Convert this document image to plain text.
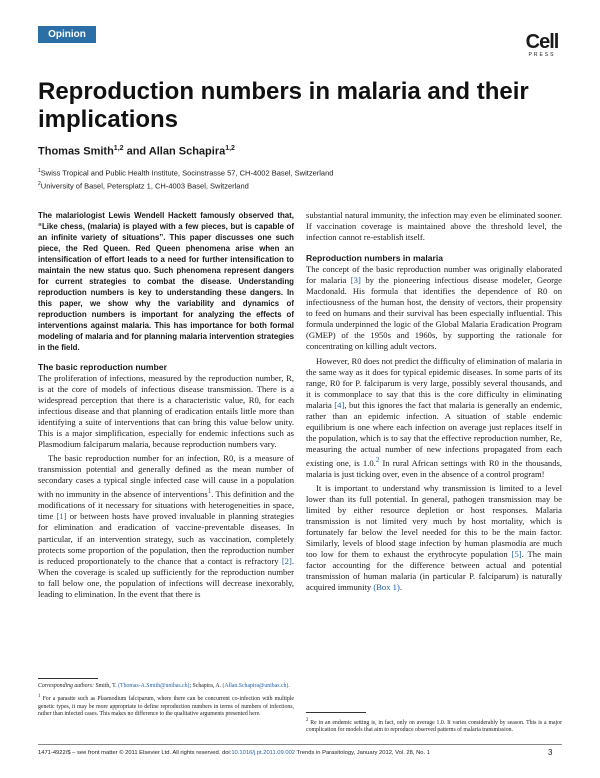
Opinion	Cell
PRESS
Reproduction numbers in malaria and their implications
Thomas Smith$^{1,2}$ and Allan Schapira$^{1,2}$
$^1$Swiss Tropical and Public Health Institute, Socinstrasse 57, CH-4002 Basel, Switzerland
$^2$University of Basel, Petersplatz 1, CH-4003 Basel, Switzerland

The malariologist Lewis Wendell Hackett famously observed that, “Like chess, (malaria) is played with a few pieces, but is capable of an infinite variety of situations”. This paper discusses one such piece, the Red Queen. Red Queen phenomena arise when an intensification of effort leads to a need for further intensification to maintain the new status quo. Such phenomena represent dangers for current strategies to combat the disease. Understanding reproduction numbers is key to understanding these dangers. In this paper, we show why the variability and dynamics of reproduction numbers is important for analyzing the effects of interventions against malaria. This has importance for both formal modeling of malaria and for planning malaria intervention strategies in the field.

The basic reproduction number

The proliferation of infections, measured by the reproduction number, R, is at the core of models of infectious disease transmission. There is a widespread perception that there is a characteristic value, R0, for each infectious disease and that planning of eradication entails little more than identifying a suite of interventions that can bring this value below unity. This is a major simplification, especially for endemic infections such as Plasmodium falciparum malaria, because reproduction numbers vary.

The basic reproduction number for an infection, R0, is a measure of transmission potential and generally defined as the mean number of secondary cases a typical single infected case will cause in a population with no immunity in the absence of interventions$^1$. This definition and the modifications of it necessary for situations with heterogeneities in space, time [1] or between hosts have proved invaluable in planning strategies for elimination and eradication of vaccine-preventable diseases. In particular, if an intervention strategy, such as vaccination, completely protects some proportion of the population, then the reproduction number is reduced proportionately to the chance that a contact is refractory [2]. When the coverage is scaled up sufficiently for the reproduction number to fall below one, the population of infections will decrease inexorably, leading to elimination. In the event that there is

substantial natural immunity, the infection may even be eliminated sooner. If vaccination coverage is maintained above the threshold level, the infection cannot re-establish itself.

Reproduction numbers in malaria

The concept of the basic reproduction number was originally elaborated for malaria [3] by the pioneering infectious disease modeler, George Macdonald. His formula that identifies the dependence of R0 on infectiousness of the human host, the density of vectors, their propensity to feed on humans and their survival has been especially influential. This formula underpinned the logic of the Global Malaria Eradication Program (GMEP) of the 1950s and 1960s, by supporting the rationale for concentrating on killing adult vectors.

However, R0 does not predict the difficulty of elimination of malaria in the same way as it does for typical epidemic diseases. In some parts of its range, R0 for P. falciparum is very large, possibly several thousands, and it is commonplace to say that this is the core difficulty in eliminating malaria [4], but this ignores the fact that malaria is generally an endemic, rather than an epidemic infection. A situation of stable endemic equilibrium is one where each infection on average just replaces itself in the population, which is to say that the effective reproduction number, Re, measuring the actual number of new infections propagated from each existing one, is 1.0.$^2$ In rural African settings with R0 in the thousands, malaria is just ticking over, even in the absence of a control program!

It is important to understand why transmission is limited to a level lower than its full potential. In general, pathogen transmission may be limited by either resource depletion or host responses. Malaria transmission is not limited very much by host mortality, which is fortunately far below the level needed for this to be the main factor. Similarly, levels of blood stage infection by human plasmodia are much too low for them to exhaust the erythrocyte population [5]. The main factor accounting for the difference between actual and potential transmission of human malaria (in particular P. falciparum) is naturally acquired immunity (Box 1).

Corresponding authors: Smith, T. (Thomas-A.Smith@unibas.ch); Schapira, A. (Allan.Schapira@unibas.ch).

$^1$ For a parasite such as Plasmodium falciparum, where there can be concurrent co-infection with multiple genetic types, it may be more appropriate to define reproduction numbers in terms of numbers of infections, rather than infected cases. This makes no difference to the qualitative arguments presented here.

$^2$ Re in an endemic setting is, in fact, only on average 1.0. It varies considerably by season. This is a major complication for models that aim to reproduce observed patterns of malaria transmission.

1471-4922/$ – see front matter © 2011 Elsevier Ltd. All rights reserved. doi:10.1016/j.pt.2011.09.002 Trends in Parasitology, January 2012, Vol. 28, No. 1	3
